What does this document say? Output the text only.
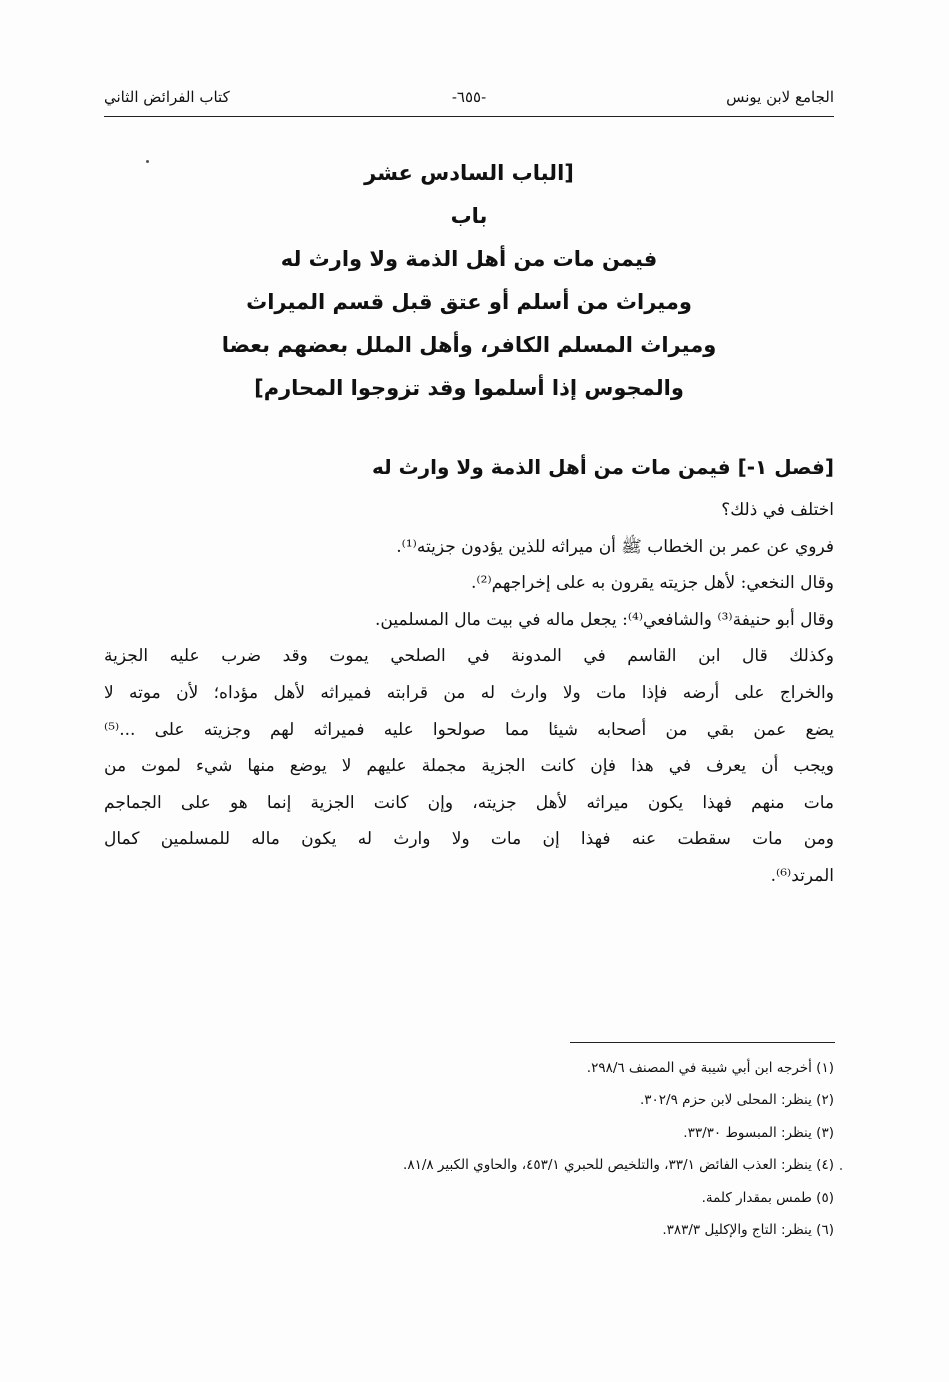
الجامع لابن يونس
-٦٥٥-
كتاب الفرائض الثاني
[الباب السادس عشر
باب
فيمن مات من أهل الذمة ولا وارث له
وميراث من أسلم أو عتق قبل قسم الميراث
وميراث المسلم الكافر، وأهل الملل بعضهم بعضا
والمجوس إذا أسلموا وقد تزوجوا المحارم]
[فصل ١-] فيمن مات من أهل الذمة ولا وارث له
اختلف في ذلك؟
فروي عن عمر بن الخطاب ﷺ أن ميراثه للذين يؤدون جزيته⁽¹⁾.
وقال النخعي: لأهل جزيته يقرون به على إخراجهم⁽²⁾.
وقال أبو حنيفة⁽³⁾ والشافعي⁽⁴⁾: يجعل ماله في بيت مال المسلمين.
وكذلك قال ابن القاسم في المدونة في الصلحي يموت وقد ضرب عليه الجزية
والخراج على أرضه فإذا مات ولا وارث له من قرابته فميراثه لأهل مؤداه؛ لأن موته لا
يضع عمن بقي من أصحابه شيئا مما صولحوا عليه فميراثه لهم وجزيته على ...⁽⁵⁾
ويجب أن يعرف في هذا فإن كانت الجزية مجملة عليهم لا يوضع منها شيء لموت من
مات منهم فهذا يكون ميراثه لأهل جزيته، وإن كانت الجزية إنما هو على الجماجم
ومن مات سقطت عنه فهذا إن مات ولا وارث له يكون ماله للمسلمين كمال
المرتد⁽⁶⁾.
(١) أخرجه ابن أبي شيبة في المصنف ٢٩٨/٦.
(٢) ينظر: المحلى لابن حزم ٣٠٢/٩.
(٣) ينظر: المبسوط ٣٣/٣٠.
(٤) ينظر: العذب الفائض ٣٣/١، والتلخيص للحبري ٤٥٣/١، والحاوي الكبير ٨١/٨.
(٥) طمس بمقدار كلمة.
(٦) ينظر: التاج والإكليل ٣٨٣/٣.
